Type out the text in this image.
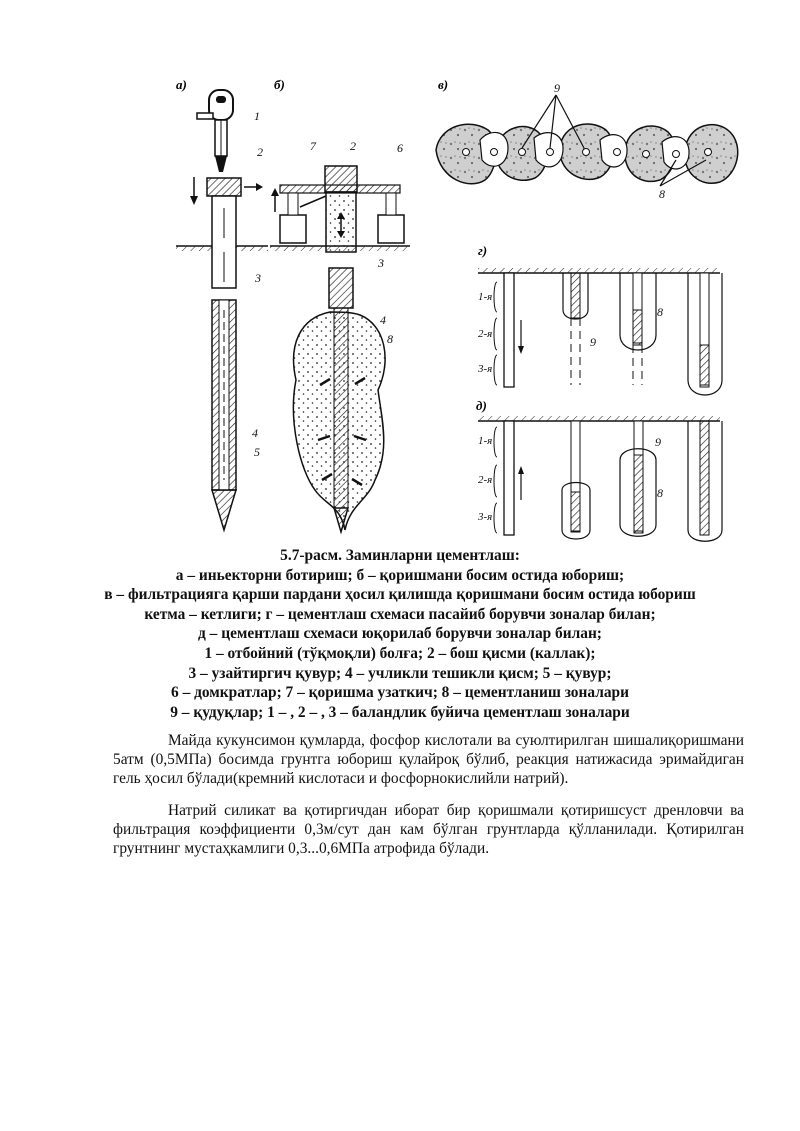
а)	б)	в)
г)
д)
1
2
3
4
5
7	2	6
3
4
8
9
8
9
8
9
8
1-я
2-я
3-я
1-я
2-я
3-я
5.7-расм. Заминларни цементлаш:
а – иньекторни ботириш; б – қоришмани босим остида юбориш;
в – фильтрацияга қарши пардани ҳосил қилишда қоришмани босим остида юбориш
кетма – кетлиги; г – цементлаш схемаси пасайиб борувчи зоналар билан;
д – цементлаш схемаси юқорилаб борувчи зоналар билан;
1 – отбойний (тўқмоқли) болға; 2 – бош қисми (каллак);
3 – узайтиргич қувур; 4 – учликли тешикли қисм; 5 – қувур;
6 – домкратлар; 7 – қоришма узаткич; 8 – цементланиш зоналари
9 – қудуқлар; 1 – , 2 – , 3 – баландлик буйича цементлаш зоналари

Майда кукунсимон қумларда, фосфор кислотали ва суюлтирилган шишалиқоришмани 5атм (0,5МПа) босимда грунтга юбориш қулайроқ бўлиб, реакция натижасида эримайдиган гель ҳосил бўлади(кремний кислотаси и фосфорнокислийли натрий).

Натрий силикат ва қотиргичдан иборат бир қоришмали қотиришсуст дренловчи ва фильтрация коэффициенти 0,3м/сут дан кам бўлган грунтларда қўлланилади. Қотирилган грунтнинг мустаҳкамлиги 0,3...0,6МПа атрофида бўлади.
